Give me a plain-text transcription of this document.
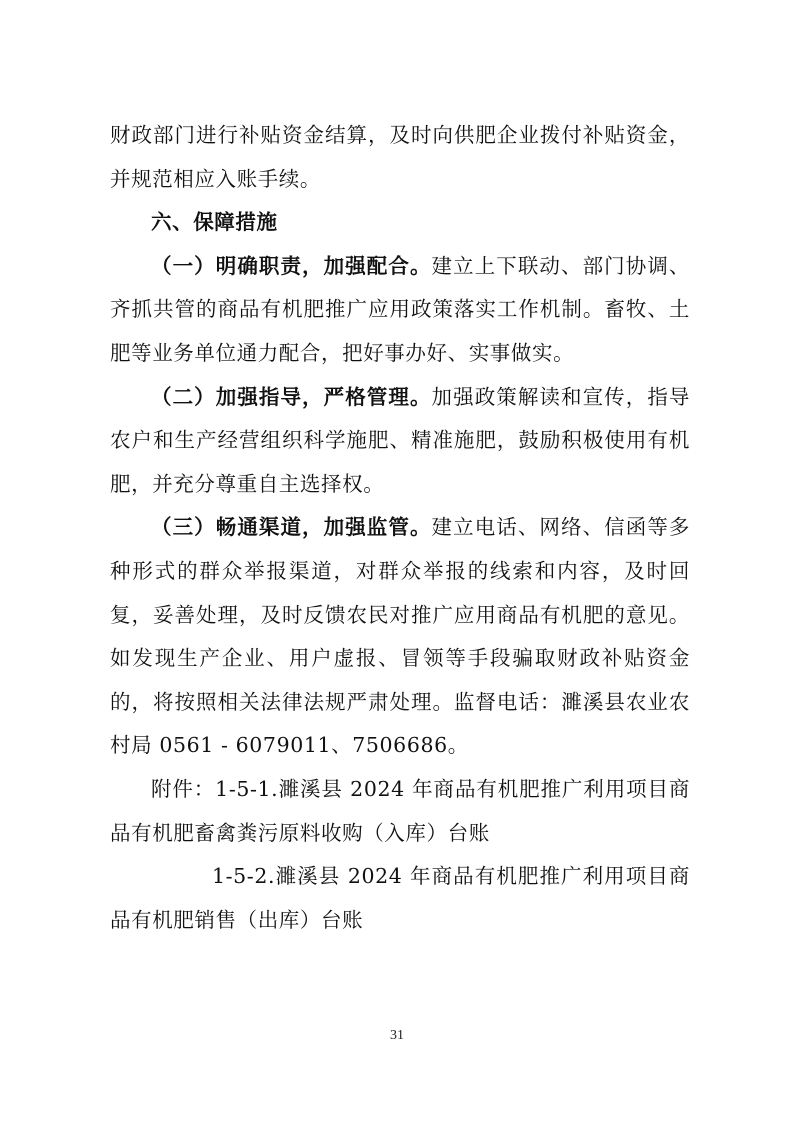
财政部门进行补贴资金结算，及时向供肥企业拨付补贴资金，并规范相应入账手续。

六、保障措施

（一）明确职责，加强配合。建立上下联动、部门协调、齐抓共管的商品有机肥推广应用政策落实工作机制。畜牧、土肥等业务单位通力配合，把好事办好、实事做实。

（二）加强指导，严格管理。加强政策解读和宣传，指导农户和生产经营组织科学施肥、精准施肥，鼓励积极使用有机肥，并充分尊重自主选择权。

（三）畅通渠道，加强监管。建立电话、网络、信函等多种形式的群众举报渠道，对群众举报的线索和内容，及时回复，妥善处理，及时反馈农民对推广应用商品有机肥的意见。如发现生产企业、用户虚报、冒领等手段骗取财政补贴资金的，将按照相关法律法规严肃处理。监督电话：濉溪县农业农村局 0561 - 6079011、7506686。

附件：1-5-1.濉溪县 2024 年商品有机肥推广利用项目商品有机肥畜禽粪污原料收购（入库）台账

1-5-2.濉溪县 2024 年商品有机肥推广利用项目商品有机肥销售（出库）台账

31
